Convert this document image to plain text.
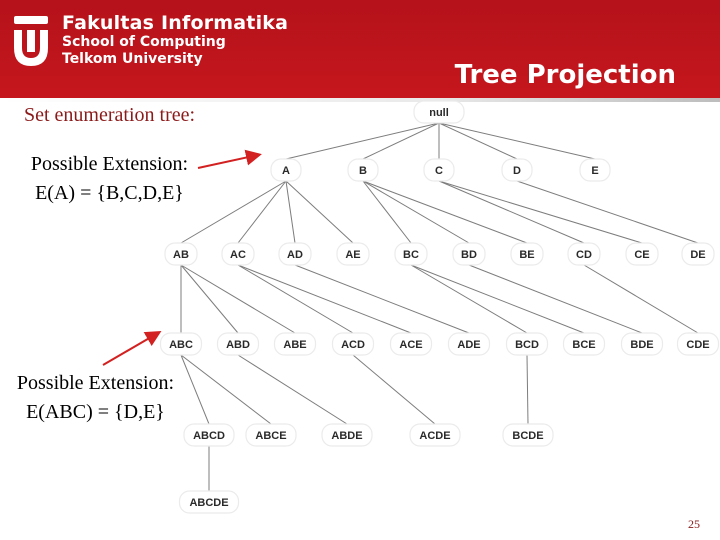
Fakultas Informatika
School of Computing
Telkom University
Tree Projection
Set enumeration tree:
Possible Extension: E(A) = {B,C,D,E}
Possible Extension: E(ABC) = {D,E}
null
A	B	C	D	E
AB	AC	AD	AE	BC	BD	BE	CD	CE	DE
ABC	ABD	ABE	ACD	ACE	ADE	BCD	BCE	BDE	CDE
ABCD	ABCE	ABDE	ACDE	BCDE
ABCDE
25
